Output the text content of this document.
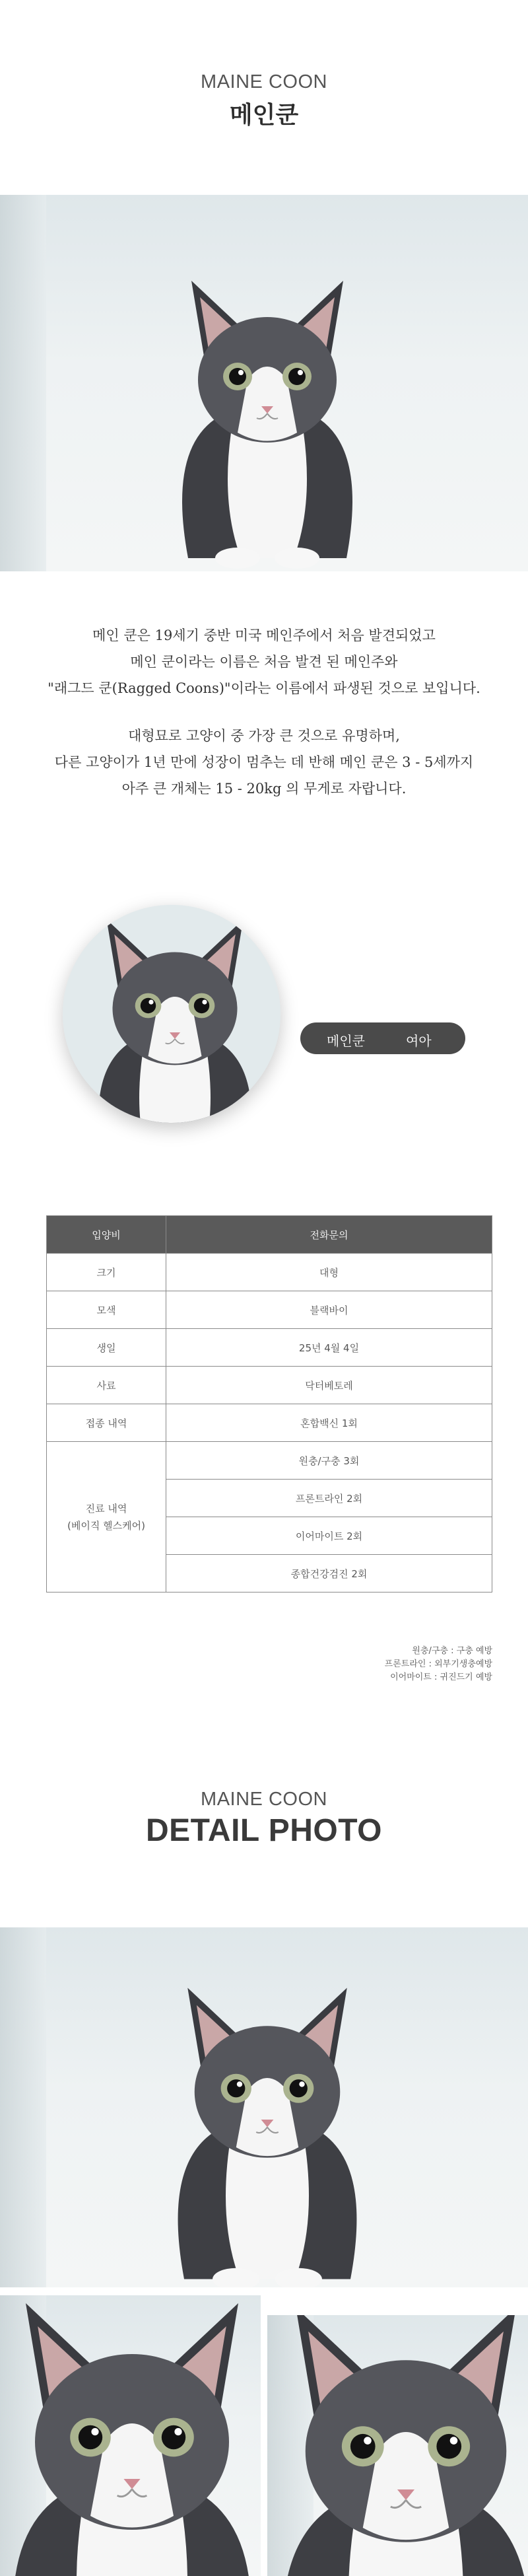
MAINE COON
메인쿤
메인 쿤은 19세기 중반 미국 메인주에서 처음 발견되었고
메인 쿤이라는 이름은 처음 발견 된 메인주와
"래그드 쿤(Ragged Coons)"이라는 이름에서 파생된 것으로 보입니다.
대형묘로 고양이 중 가장 큰 것으로 유명하며,
다른 고양이가 1년 만에 성장이 멈추는 데 반해 메인 쿤은 3 - 5세까지
아주 큰 개체는 15 - 20kg 의 무게로 자랍니다.
메인쿤	여아
입양비	전화문의
크기	대형
모색	블랙바이
생일	25년 4월 4일
사료	닥터베토레
접종 내역	혼합백신 1회

진료 내역
(베이직 헬스케어)	원충/구충 3회
	프론트라인 2회
	이어마이트 2회
	종합건강검진 2회
원충/구충 : 구충 예방
프론트라인 : 외부기생충예방
이어마이트 : 귀진드기 예방
MAINE COON
DETAIL PHOTO
